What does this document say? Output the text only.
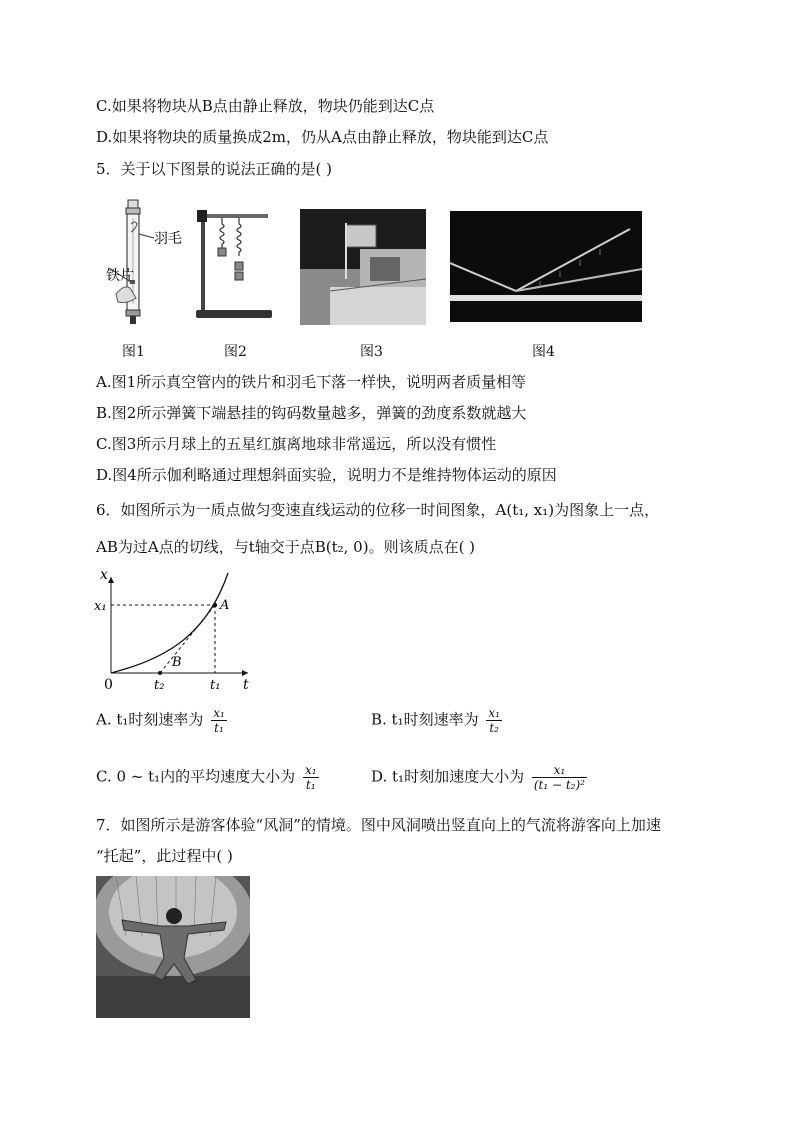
C.如果将物块从B点由静止释放，物块仍能到达C点
D.如果将物块的质量换成2m，仍从A点由静止释放，物块能到达C点
5．关于以下图景的说法正确的是( )
羽毛
铁片
图1	图2	图3	图4
A.图1所示真空管内的铁片和羽毛下落一样快，说明两者质量相等
B.图2所示弹簧下端悬挂的钩码数量越多，弹簧的劲度系数就越大
C.图3所示月球上的五星红旗离地球非常遥远，所以没有惯性
D.图4所示伽利略通过理想斜面实验，说明力不是维持物体运动的原因
6．如图所示为一质点做匀变速直线运动的位移一时间图象，A(t₁, x₁)为图象上一点，
AB为过A点的切线，与t轴交于点B(t₂, 0)。则该质点在( )
x
t
0
x₁
t₁
t₂
A
B
A. t₁时刻速率为 $\frac{\text{x₁}}{\text{t₁}}$	B. t₁时刻速率为 $\frac{\text{x₁}}{\text{t₂}}$
C. 0 ~ t₁内的平均速度大小为 $\frac{\text{x₁}}{\text{t₁}}$	D. t₁时刻加速度大小为 $\frac{\text{x₁}}{\text{(t₁ − t₂)²}}$
7．如图所示是游客体验“风洞”的情境。图中风洞喷出竖直向上的气流将游客向上加速
“托起”，此过程中( )
